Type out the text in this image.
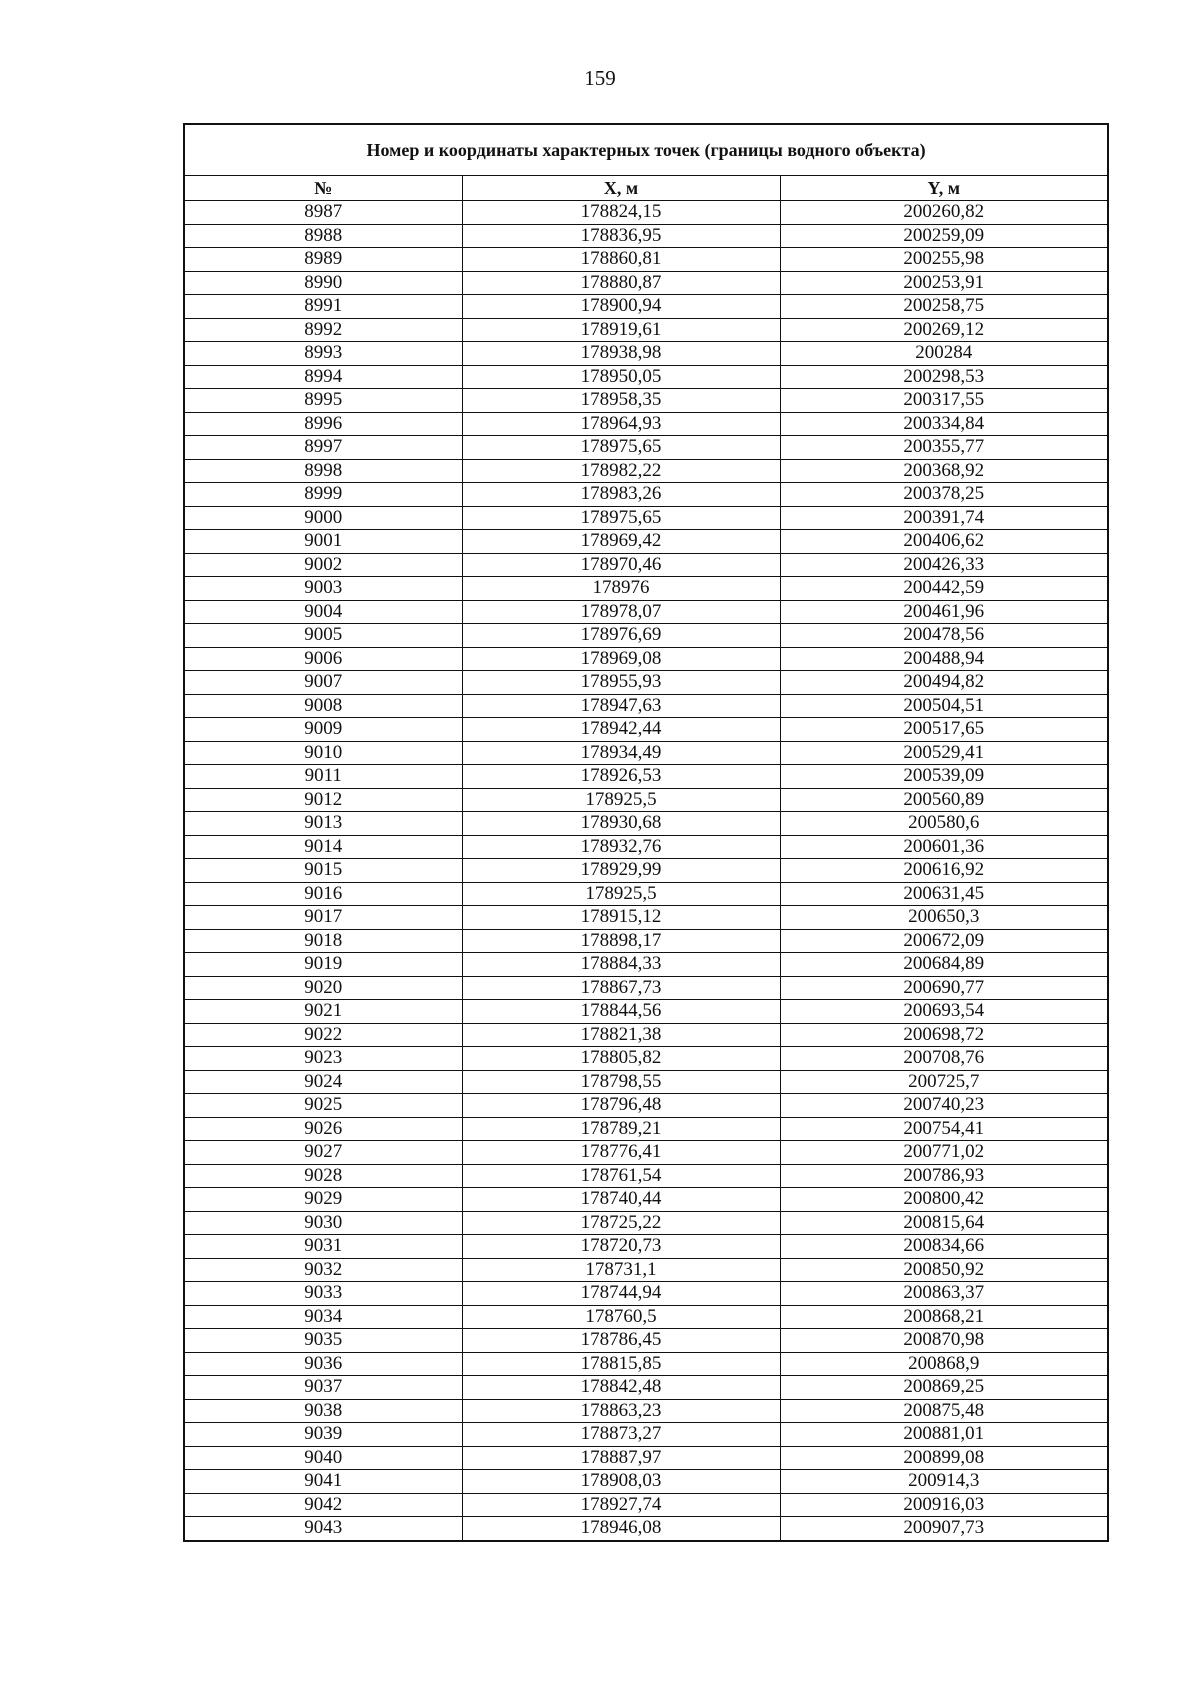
159
Номер и координаты характерных точек (границы водного объекта)
№	X, м	Y, м
8987	178824,15	200260,82
8988	178836,95	200259,09
8989	178860,81	200255,98
8990	178880,87	200253,91
8991	178900,94	200258,75
8992	178919,61	200269,12
8993	178938,98	200284
8994	178950,05	200298,53
8995	178958,35	200317,55
8996	178964,93	200334,84
8997	178975,65	200355,77
8998	178982,22	200368,92
8999	178983,26	200378,25
9000	178975,65	200391,74
9001	178969,42	200406,62
9002	178970,46	200426,33
9003	178976	200442,59
9004	178978,07	200461,96
9005	178976,69	200478,56
9006	178969,08	200488,94
9007	178955,93	200494,82
9008	178947,63	200504,51
9009	178942,44	200517,65
9010	178934,49	200529,41
9011	178926,53	200539,09
9012	178925,5	200560,89
9013	178930,68	200580,6
9014	178932,76	200601,36
9015	178929,99	200616,92
9016	178925,5	200631,45
9017	178915,12	200650,3
9018	178898,17	200672,09
9019	178884,33	200684,89
9020	178867,73	200690,77
9021	178844,56	200693,54
9022	178821,38	200698,72
9023	178805,82	200708,76
9024	178798,55	200725,7
9025	178796,48	200740,23
9026	178789,21	200754,41
9027	178776,41	200771,02
9028	178761,54	200786,93
9029	178740,44	200800,42
9030	178725,22	200815,64
9031	178720,73	200834,66
9032	178731,1	200850,92
9033	178744,94	200863,37
9034	178760,5	200868,21
9035	178786,45	200870,98
9036	178815,85	200868,9
9037	178842,48	200869,25
9038	178863,23	200875,48
9039	178873,27	200881,01
9040	178887,97	200899,08
9041	178908,03	200914,3
9042	178927,74	200916,03
9043	178946,08	200907,73
